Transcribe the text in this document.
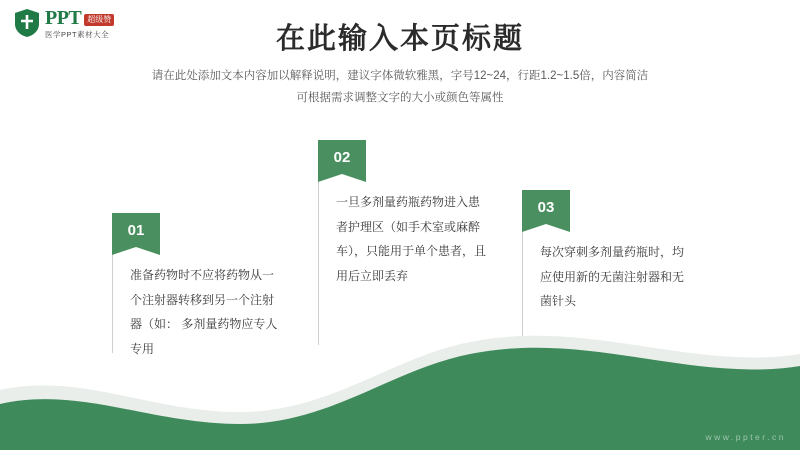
PPT 超级赞
医学PPT素材大全	在此输入本页标题
请在此处添加文本内容加以解释说明，建议字体微软雅黑，字号12~24，行距1.2~1.5倍，内容简洁
可根据需求调整文字的大小或颜色等属性
01
准备药物时不应将药物从一个注射器转移到另一个注射器（如： 多剂量药物应专人专用
02
一旦多剂量药瓶药物进入患者护理区（如手术室或麻醉车），只能用于单个患者，且用后立即丢弃
03
每次穿刺多剂量药瓶时，均应使用新的无菌注射器和无菌针头
www.ppter.cn
